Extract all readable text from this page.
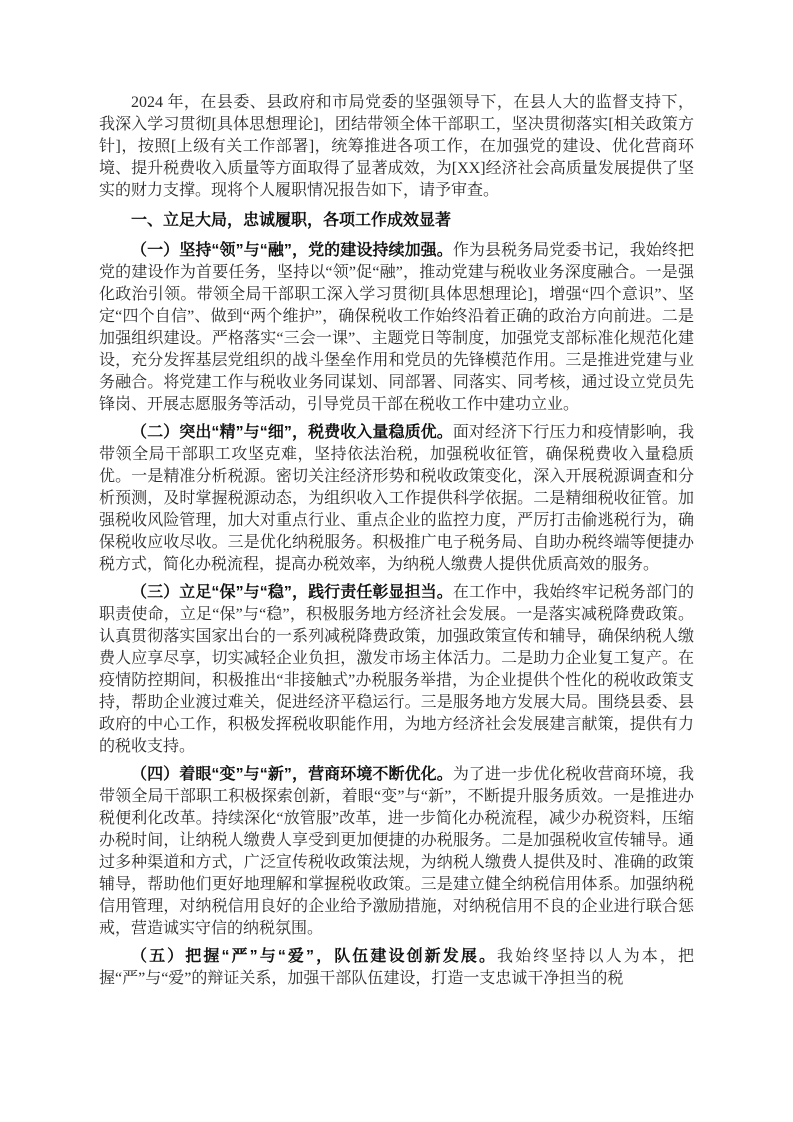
2024 年，在县委、县政府和市局党委的坚强领导下，在县人大的监督支持下，我深入学习贯彻[具体思想理论]，团结带领全体干部职工，坚决贯彻落实[相关政策方针]，按照[上级有关工作部署]，统筹推进各项工作，在加强党的建设、优化营商环境、提升税费收入质量等方面取得了显著成效，为[XX]经济社会高质量发展提供了坚实的财力支撑。现将个人履职情况报告如下，请予审查。

一、立足大局，忠诚履职，各项工作成效显著

（一）坚持“领”与“融”，党的建设持续加强。作为县税务局党委书记，我始终把党的建设作为首要任务，坚持以“领”促“融”，推动党建与税收业务深度融合。一是强化政治引领。带领全局干部职工深入学习贯彻[具体思想理论]，增强“四个意识”、坚定“四个自信”、做到“两个维护”，确保税收工作始终沿着正确的政治方向前进。二是加强组织建设。严格落实“三会一课”、主题党日等制度，加强党支部标准化规范化建设，充分发挥基层党组织的战斗堡垒作用和党员的先锋模范作用。三是推进党建与业务融合。将党建工作与税收业务同谋划、同部署、同落实、同考核，通过设立党员先锋岗、开展志愿服务等活动，引导党员干部在税收工作中建功立业。

（二）突出“精”与“细”，税费收入量稳质优。面对经济下行压力和疫情影响，我带领全局干部职工攻坚克难，坚持依法治税，加强税收征管，确保税费收入量稳质优。一是精准分析税源。密切关注经济形势和税收政策变化，深入开展税源调查和分析预测，及时掌握税源动态，为组织收入工作提供科学依据。二是精细税收征管。加强税收风险管理，加大对重点行业、重点企业的监控力度，严厉打击偷逃税行为，确保税收应收尽收。三是优化纳税服务。积极推广电子税务局、自助办税终端等便捷办税方式，简化办税流程，提高办税效率，为纳税人缴费人提供优质高效的服务。

（三）立足“保”与“稳”，践行责任彰显担当。在工作中，我始终牢记税务部门的职责使命，立足“保”与“稳”，积极服务地方经济社会发展。一是落实减税降费政策。认真贯彻落实国家出台的一系列减税降费政策，加强政策宣传和辅导，确保纳税人缴费人应享尽享，切实减轻企业负担，激发市场主体活力。二是助力企业复工复产。在疫情防控期间，积极推出“非接触式”办税服务举措，为企业提供个性化的税收政策支持，帮助企业渡过难关，促进经济平稳运行。三是服务地方发展大局。围绕县委、县政府的中心工作，积极发挥税收职能作用，为地方经济社会发展建言献策，提供有力的税收支持。

（四）着眼“变”与“新”，营商环境不断优化。为了进一步优化税收营商环境，我带领全局干部职工积极探索创新，着眼“变”与“新”，不断提升服务质效。一是推进办税便利化改革。持续深化“放管服”改革，进一步简化办税流程，减少办税资料，压缩办税时间，让纳税人缴费人享受到更加便捷的办税服务。二是加强税收宣传辅导。通过多种渠道和方式，广泛宣传税收政策法规，为纳税人缴费人提供及时、准确的政策辅导，帮助他们更好地理解和掌握税收政策。三是建立健全纳税信用体系。加强纳税信用管理，对纳税信用良好的企业给予激励措施，对纳税信用不良的企业进行联合惩戒，营造诚实守信的纳税氛围。

（五）把握“严”与“爱”，队伍建设创新发展。我始终坚持以人为本，把握“严”与“爱”的辩证关系，加强干部队伍建设，打造一支忠诚干净担当的税
